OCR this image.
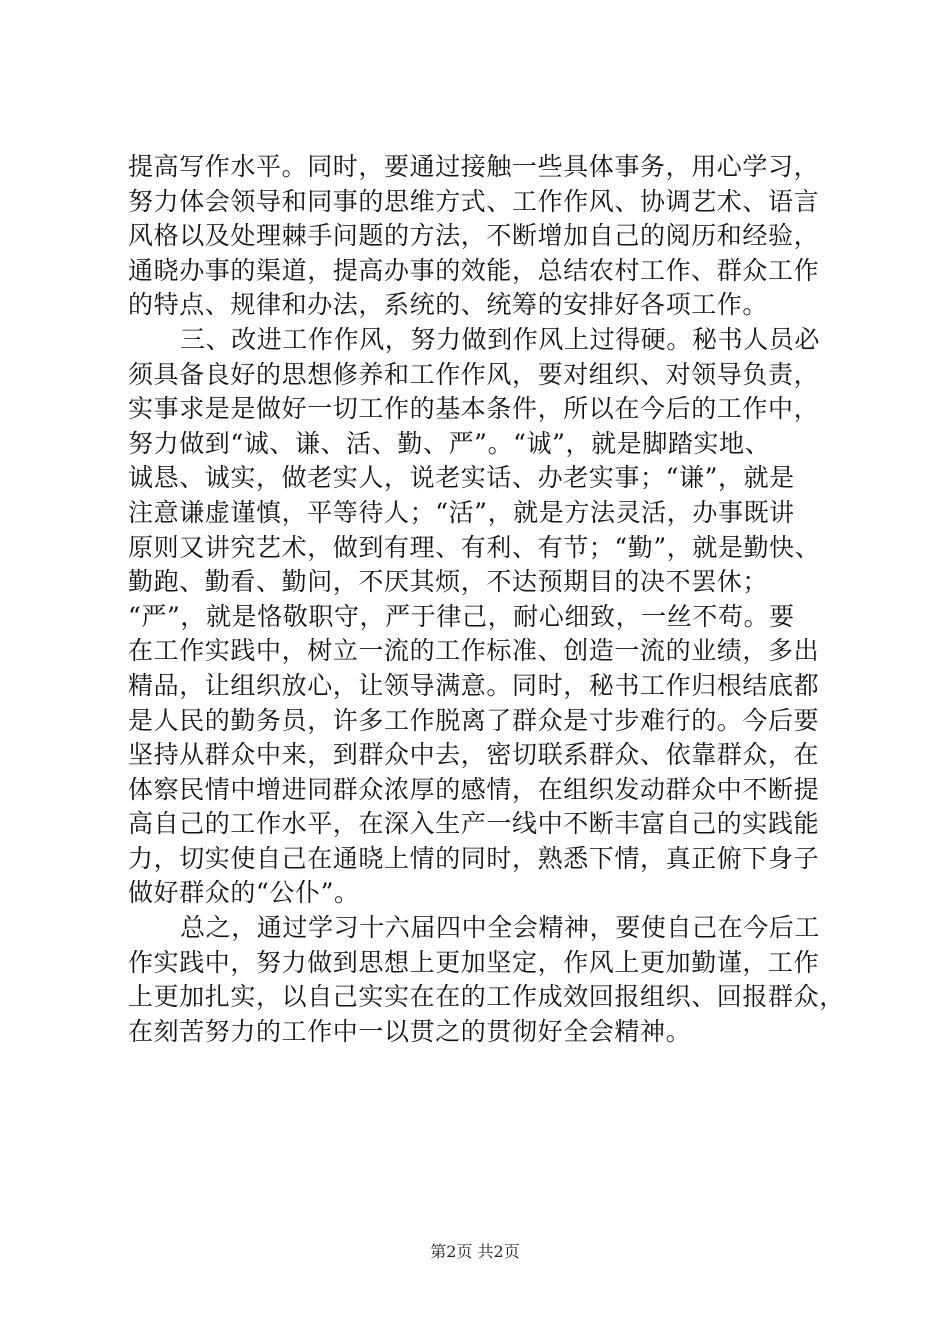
提高写作水平。同时，要通过接触一些具体事务，用心学习，
努力体会领导和同事的思维方式、工作作风、协调艺术、语言
风格以及处理棘手问题的方法，不断增加自己的阅历和经验，
通晓办事的渠道，提高办事的效能，总结农村工作、群众工作
的特点、规律和办法，系统的、统筹的安排好各项工作。
三、改进工作作风，努力做到作风上过得硬。秘书人员必
须具备良好的思想修养和工作作风，要对组织、对领导负责，
实事求是是做好一切工作的基本条件，所以在今后的工作中，
努力做到“诚、谦、活、勤、严”。“诚”，就是脚踏实地、
诚恳、诚实，做老实人，说老实话、办老实事；“谦”，就是
注意谦虚谨慎，平等待人；“活”，就是方法灵活，办事既讲
原则又讲究艺术，做到有理、有利、有节；“勤”，就是勤快、
勤跑、勤看、勤问，不厌其烦，不达预期目的决不罢休；
“严”，就是恪敬职守，严于律己，耐心细致，一丝不苟。要
在工作实践中，树立一流的工作标准、创造一流的业绩，多出
精品，让组织放心，让领导满意。同时，秘书工作归根结底都
是人民的勤务员，许多工作脱离了群众是寸步难行的。今后要
坚持从群众中来，到群众中去，密切联系群众、依靠群众，在
体察民情中增进同群众浓厚的感情，在组织发动群众中不断提
高自己的工作水平，在深入生产一线中不断丰富自己的实践能
力，切实使自己在通晓上情的同时，熟悉下情，真正俯下身子
做好群众的“公仆”。
总之，通过学习十六届四中全会精神，要使自己在今后工
作实践中，努力做到思想上更加坚定，作风上更加勤谨，工作
上更加扎实，以自己实实在在的工作成效回报组织、回报群众，
在刻苦努力的工作中一以贯之的贯彻好全会精神。
第2页 共2页
